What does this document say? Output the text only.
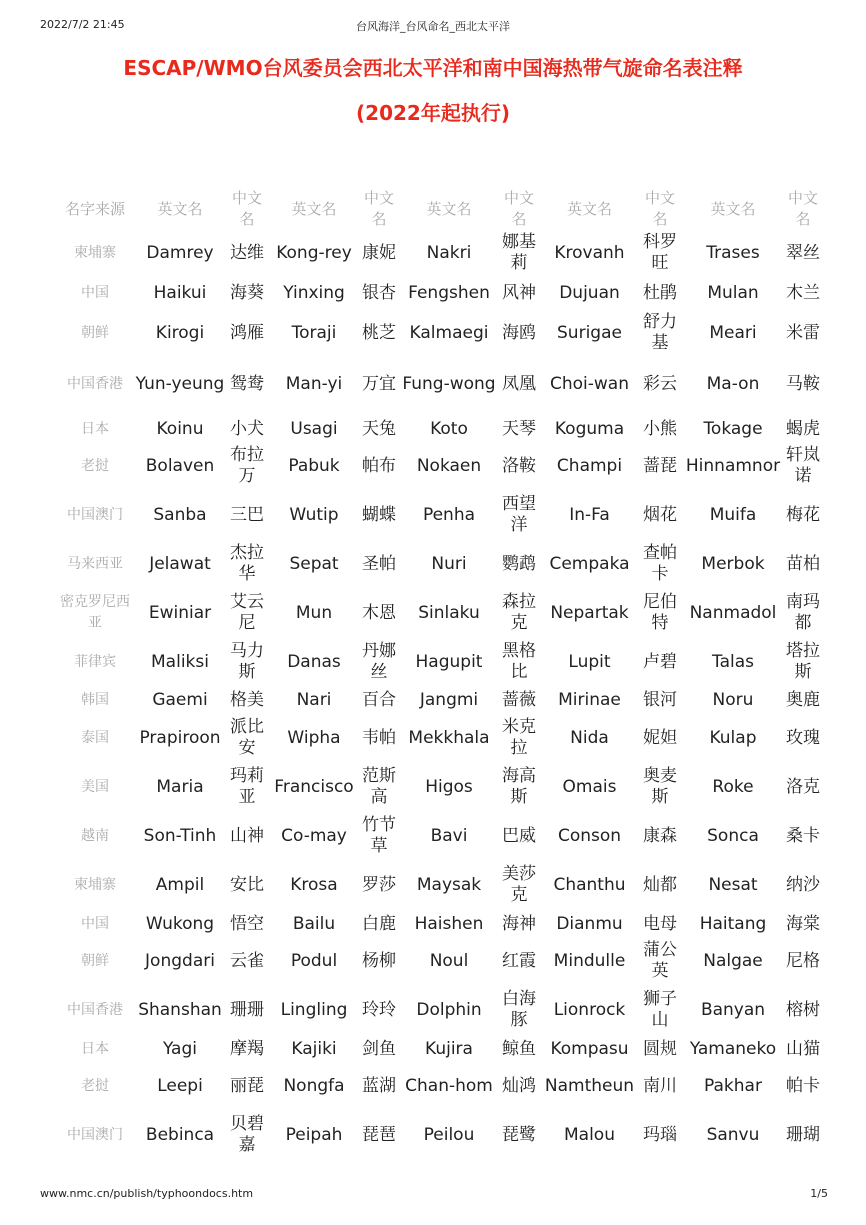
2022/7/2 21:45	台风海洋_台风命名_西北太平洋
ESCAP/WMO台风委员会西北太平洋和南中国海热带气旋命名表注释
(2022年起执行)
名字来源	英文名	中文名	英文名	中文名	英文名	中文名	英文名	中文名	英文名	中文名
柬埔寨	Damrey	达维	Kong-rey	康妮	Nakri	娜基莉	Krovanh	科罗旺	Trases	翠丝
中国	Haikui	海葵	Yinxing	银杏	Fengshen	风神	Dujuan	杜鹃	Mulan	木兰
朝鲜	Kirogi	鸿雁	Toraji	桃芝	Kalmaegi	海鸥	Surigae	舒力基	Meari	米雷
中国香港	Yun-yeung	鸳鸯	Man-yi	万宜	Fung-wong	凤凰	Choi-wan	彩云	Ma-on	马鞍
日本	Koinu	小犬	Usagi	天兔	Koto	天琴	Koguma	小熊	Tokage	蝎虎
老挝	Bolaven	布拉万	Pabuk	帕布	Nokaen	洛鞍	Champi	蔷琵	Hinnamnor	轩岚诺
中国澳门	Sanba	三巴	Wutip	蝴蝶	Penha	西望洋	In-Fa	烟花	Muifa	梅花
马来西亚	Jelawat	杰拉华	Sepat	圣帕	Nuri	鹦鹉	Cempaka	查帕卡	Merbok	苗柏
密克罗尼西亚	Ewiniar	艾云尼	Mun	木恩	Sinlaku	森拉克	Nepartak	尼伯特	Nanmadol	南玛都
菲律宾	Maliksi	马力斯	Danas	丹娜丝	Hagupit	黑格比	Lupit	卢碧	Talas	塔拉斯
韩国	Gaemi	格美	Nari	百合	Jangmi	蔷薇	Mirinae	银河	Noru	奥鹿
泰国	Prapiroon	派比安	Wipha	韦帕	Mekkhala	米克拉	Nida	妮妲	Kulap	玫瑰
美国	Maria	玛莉亚	Francisco	范斯高	Higos	海高斯	Omais	奥麦斯	Roke	洛克
越南	Son-Tinh	山神	Co-may	竹节草	Bavi	巴威	Conson	康森	Sonca	桑卡
柬埔寨	Ampil	安比	Krosa	罗莎	Maysak	美莎克	Chanthu	灿都	Nesat	纳沙
中国	Wukong	悟空	Bailu	白鹿	Haishen	海神	Dianmu	电母	Haitang	海棠
朝鲜	Jongdari	云雀	Podul	杨柳	Noul	红霞	Mindulle	蒲公英	Nalgae	尼格
中国香港	Shanshan	珊珊	Lingling	玲玲	Dolphin	白海豚	Lionrock	狮子山	Banyan	榕树
日本	Yagi	摩羯	Kajiki	剑鱼	Kujira	鲸鱼	Kompasu	圆规	Yamaneko	山猫
老挝	Leepi	丽琵	Nongfa	蓝湖	Chan-hom	灿鸿	Namtheun	南川	Pakhar	帕卡
中国澳门	Bebinca	贝碧嘉	Peipah	琵琶	Peilou	琵鹭	Malou	玛瑙	Sanvu	珊瑚
www.nmc.cn/publish/typhoondocs.htm	1/5
